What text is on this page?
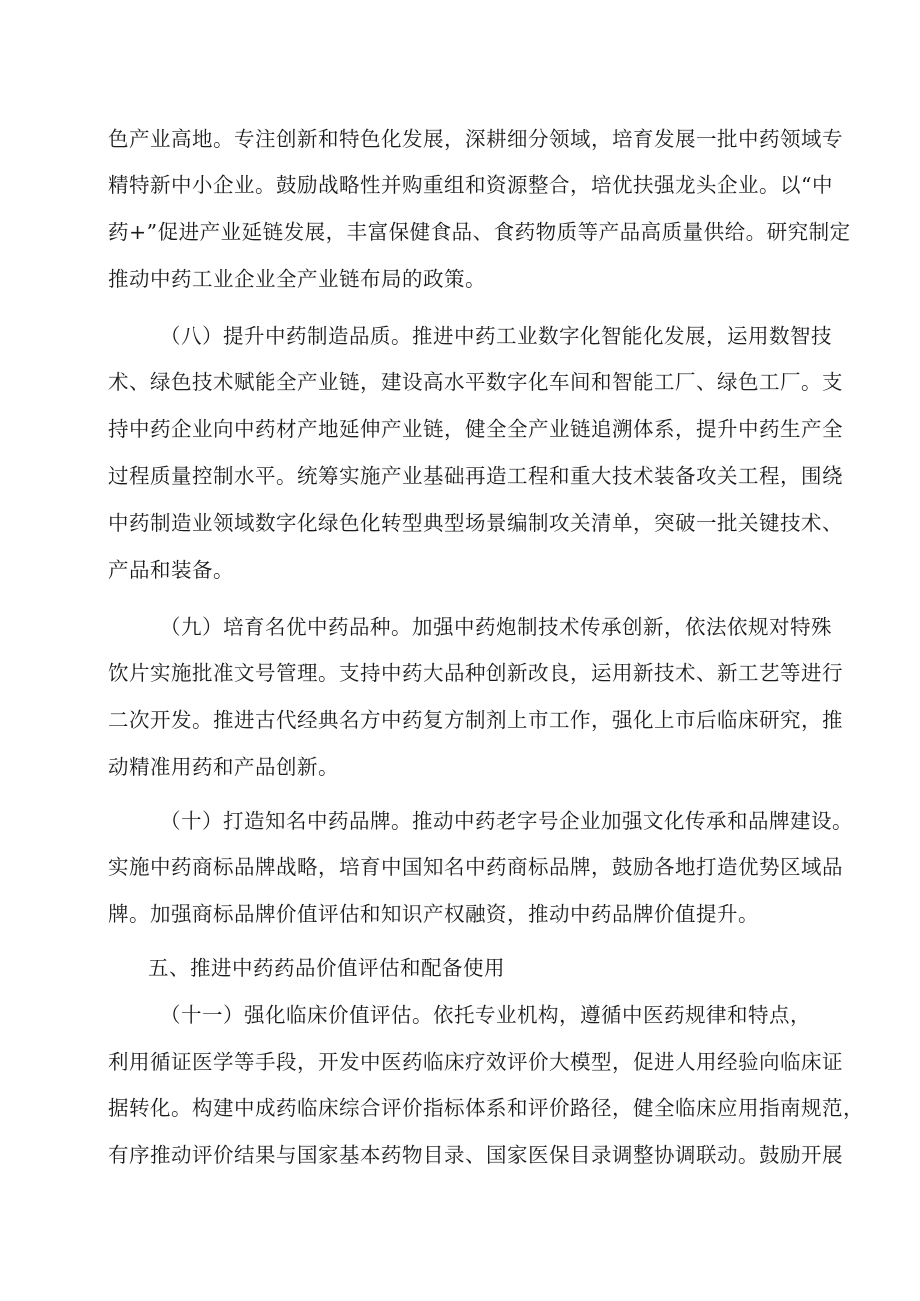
色产业高地。专注创新和特色化发展，深耕细分领域，培育发展一批中药领域专
精特新中小企业。鼓励战略性并购重组和资源整合，培优扶强龙头企业。以“中
药+”促进产业延链发展，丰富保健食品、食药物质等产品高质量供给。研究制定
推动中药工业企业全产业链布局的政策。
（八）提升中药制造品质。推进中药工业数字化智能化发展，运用数智技
术、绿色技术赋能全产业链，建设高水平数字化车间和智能工厂、绿色工厂。支
持中药企业向中药材产地延伸产业链，健全全产业链追溯体系，提升中药生产全
过程质量控制水平。统筹实施产业基础再造工程和重大技术装备攻关工程，围绕
中药制造业领域数字化绿色化转型典型场景编制攻关清单，突破一批关键技术、
产品和装备。
（九）培育名优中药品种。加强中药炮制技术传承创新，依法依规对特殊
饮片实施批准文号管理。支持中药大品种创新改良，运用新技术、新工艺等进行
二次开发。推进古代经典名方中药复方制剂上市工作，强化上市后临床研究，推
动精准用药和产品创新。
（十）打造知名中药品牌。推动中药老字号企业加强文化传承和品牌建设。
实施中药商标品牌战略，培育中国知名中药商标品牌，鼓励各地打造优势区域品
牌。加强商标品牌价值评估和知识产权融资，推动中药品牌价值提升。
五、推进中药药品价值评估和配备使用
（十一）强化临床价值评估。依托专业机构，遵循中医药规律和特点，
利用循证医学等手段，开发中医药临床疗效评价大模型，促进人用经验向临床证
据转化。构建中成药临床综合评价指标体系和评价路径，健全临床应用指南规范，
有序推动评价结果与国家基本药物目录、国家医保目录调整协调联动。鼓励开展
